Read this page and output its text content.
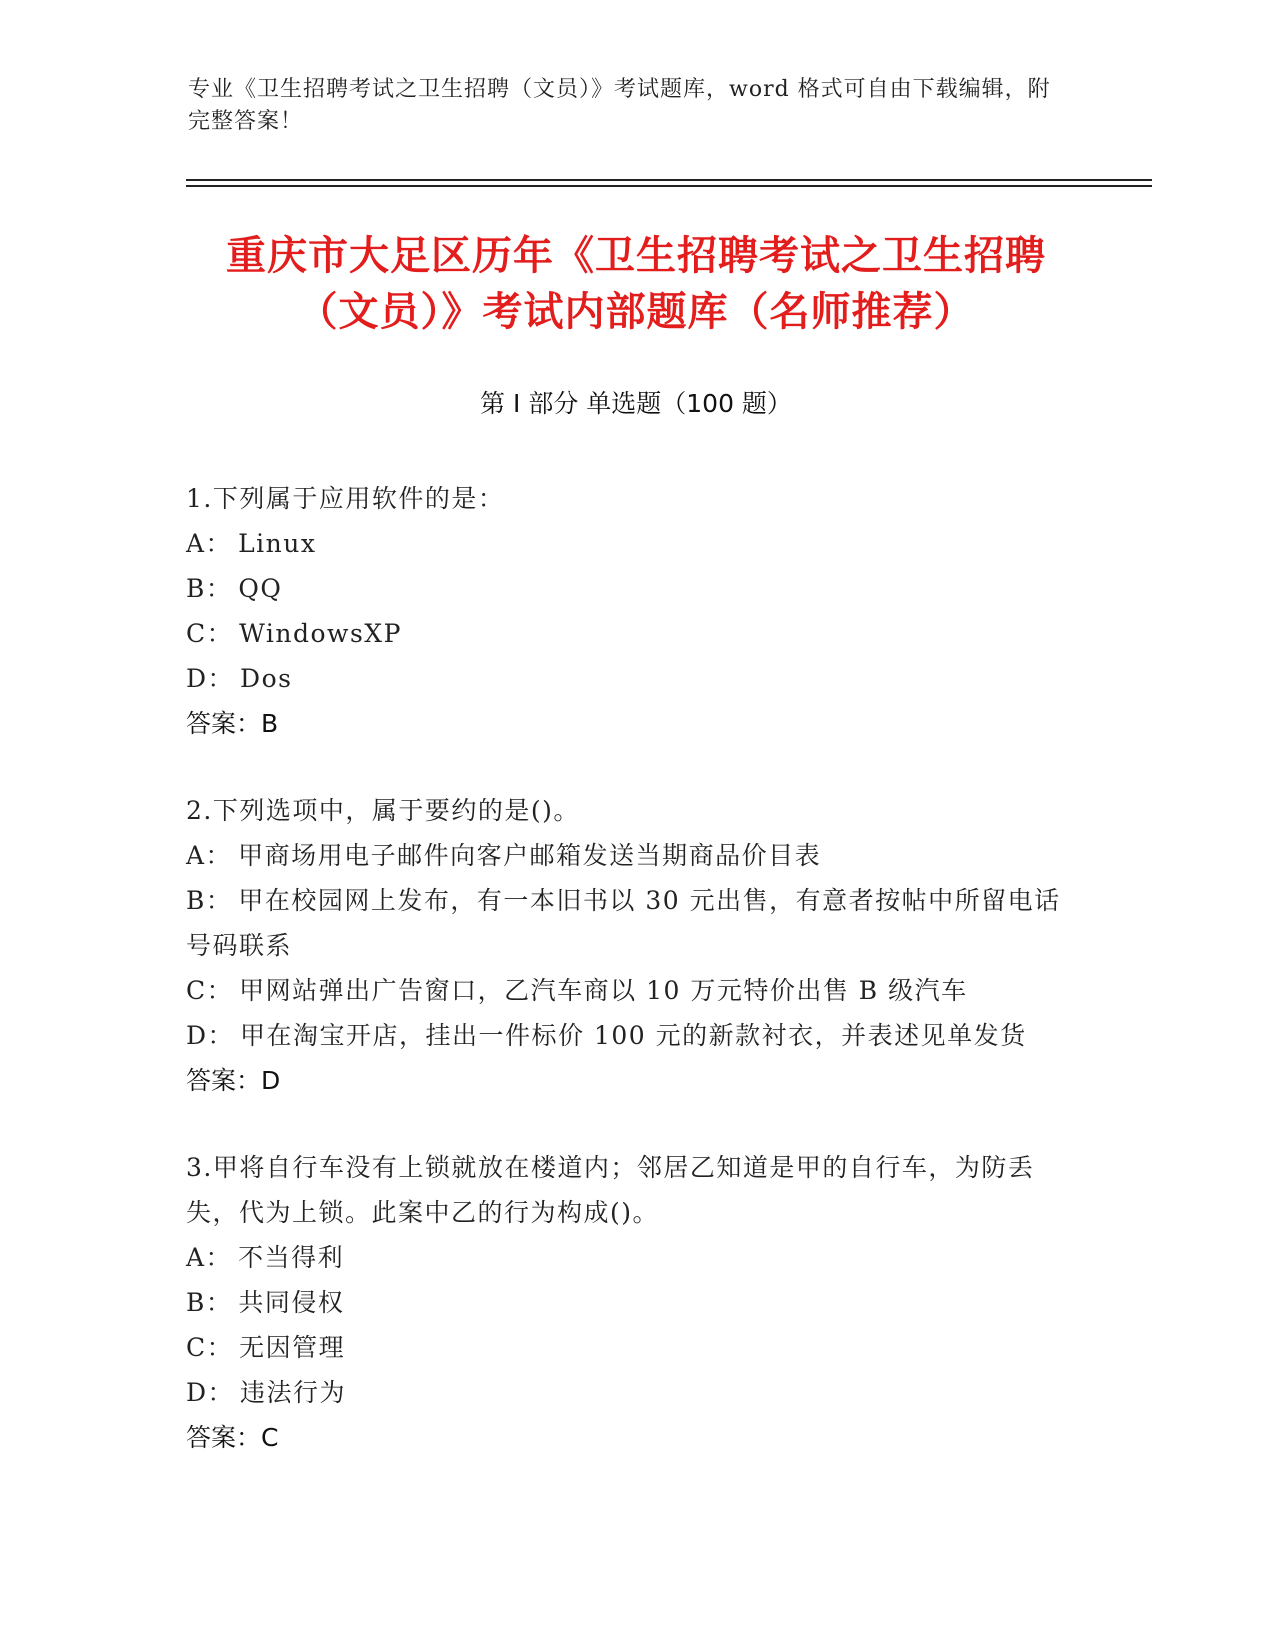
专业《卫生招聘考试之卫生招聘（文员）》考试题库，word 格式可自由下载编辑，附完整答案！
重庆市大足区历年《卫生招聘考试之卫生招聘（文员）》考试内部题库（名师推荐）
第 I 部分 单选题（100 题）

1.下列属于应用软件的是：

A： Linux

B： QQ

C： WindowsXP

D： Dos

答案：B

2.下列选项中，属于要约的是()。

A： 甲商场用电子邮件向客户邮箱发送当期商品价目表

B： 甲在校园网上发布，有一本旧书以 30 元出售，有意者按帖中所留电话号码联系

C： 甲网站弹出广告窗口，乙汽车商以 10 万元特价出售 B 级汽车

D： 甲在淘宝开店，挂出一件标价 100 元的新款衬衣，并表述见单发货

答案：D

3.甲将自行车没有上锁就放在楼道内；邻居乙知道是甲的自行车，为防丢失，代为上锁。此案中乙的行为构成()。

A： 不当得利

B： 共同侵权

C： 无因管理

D： 违法行为

答案：C
